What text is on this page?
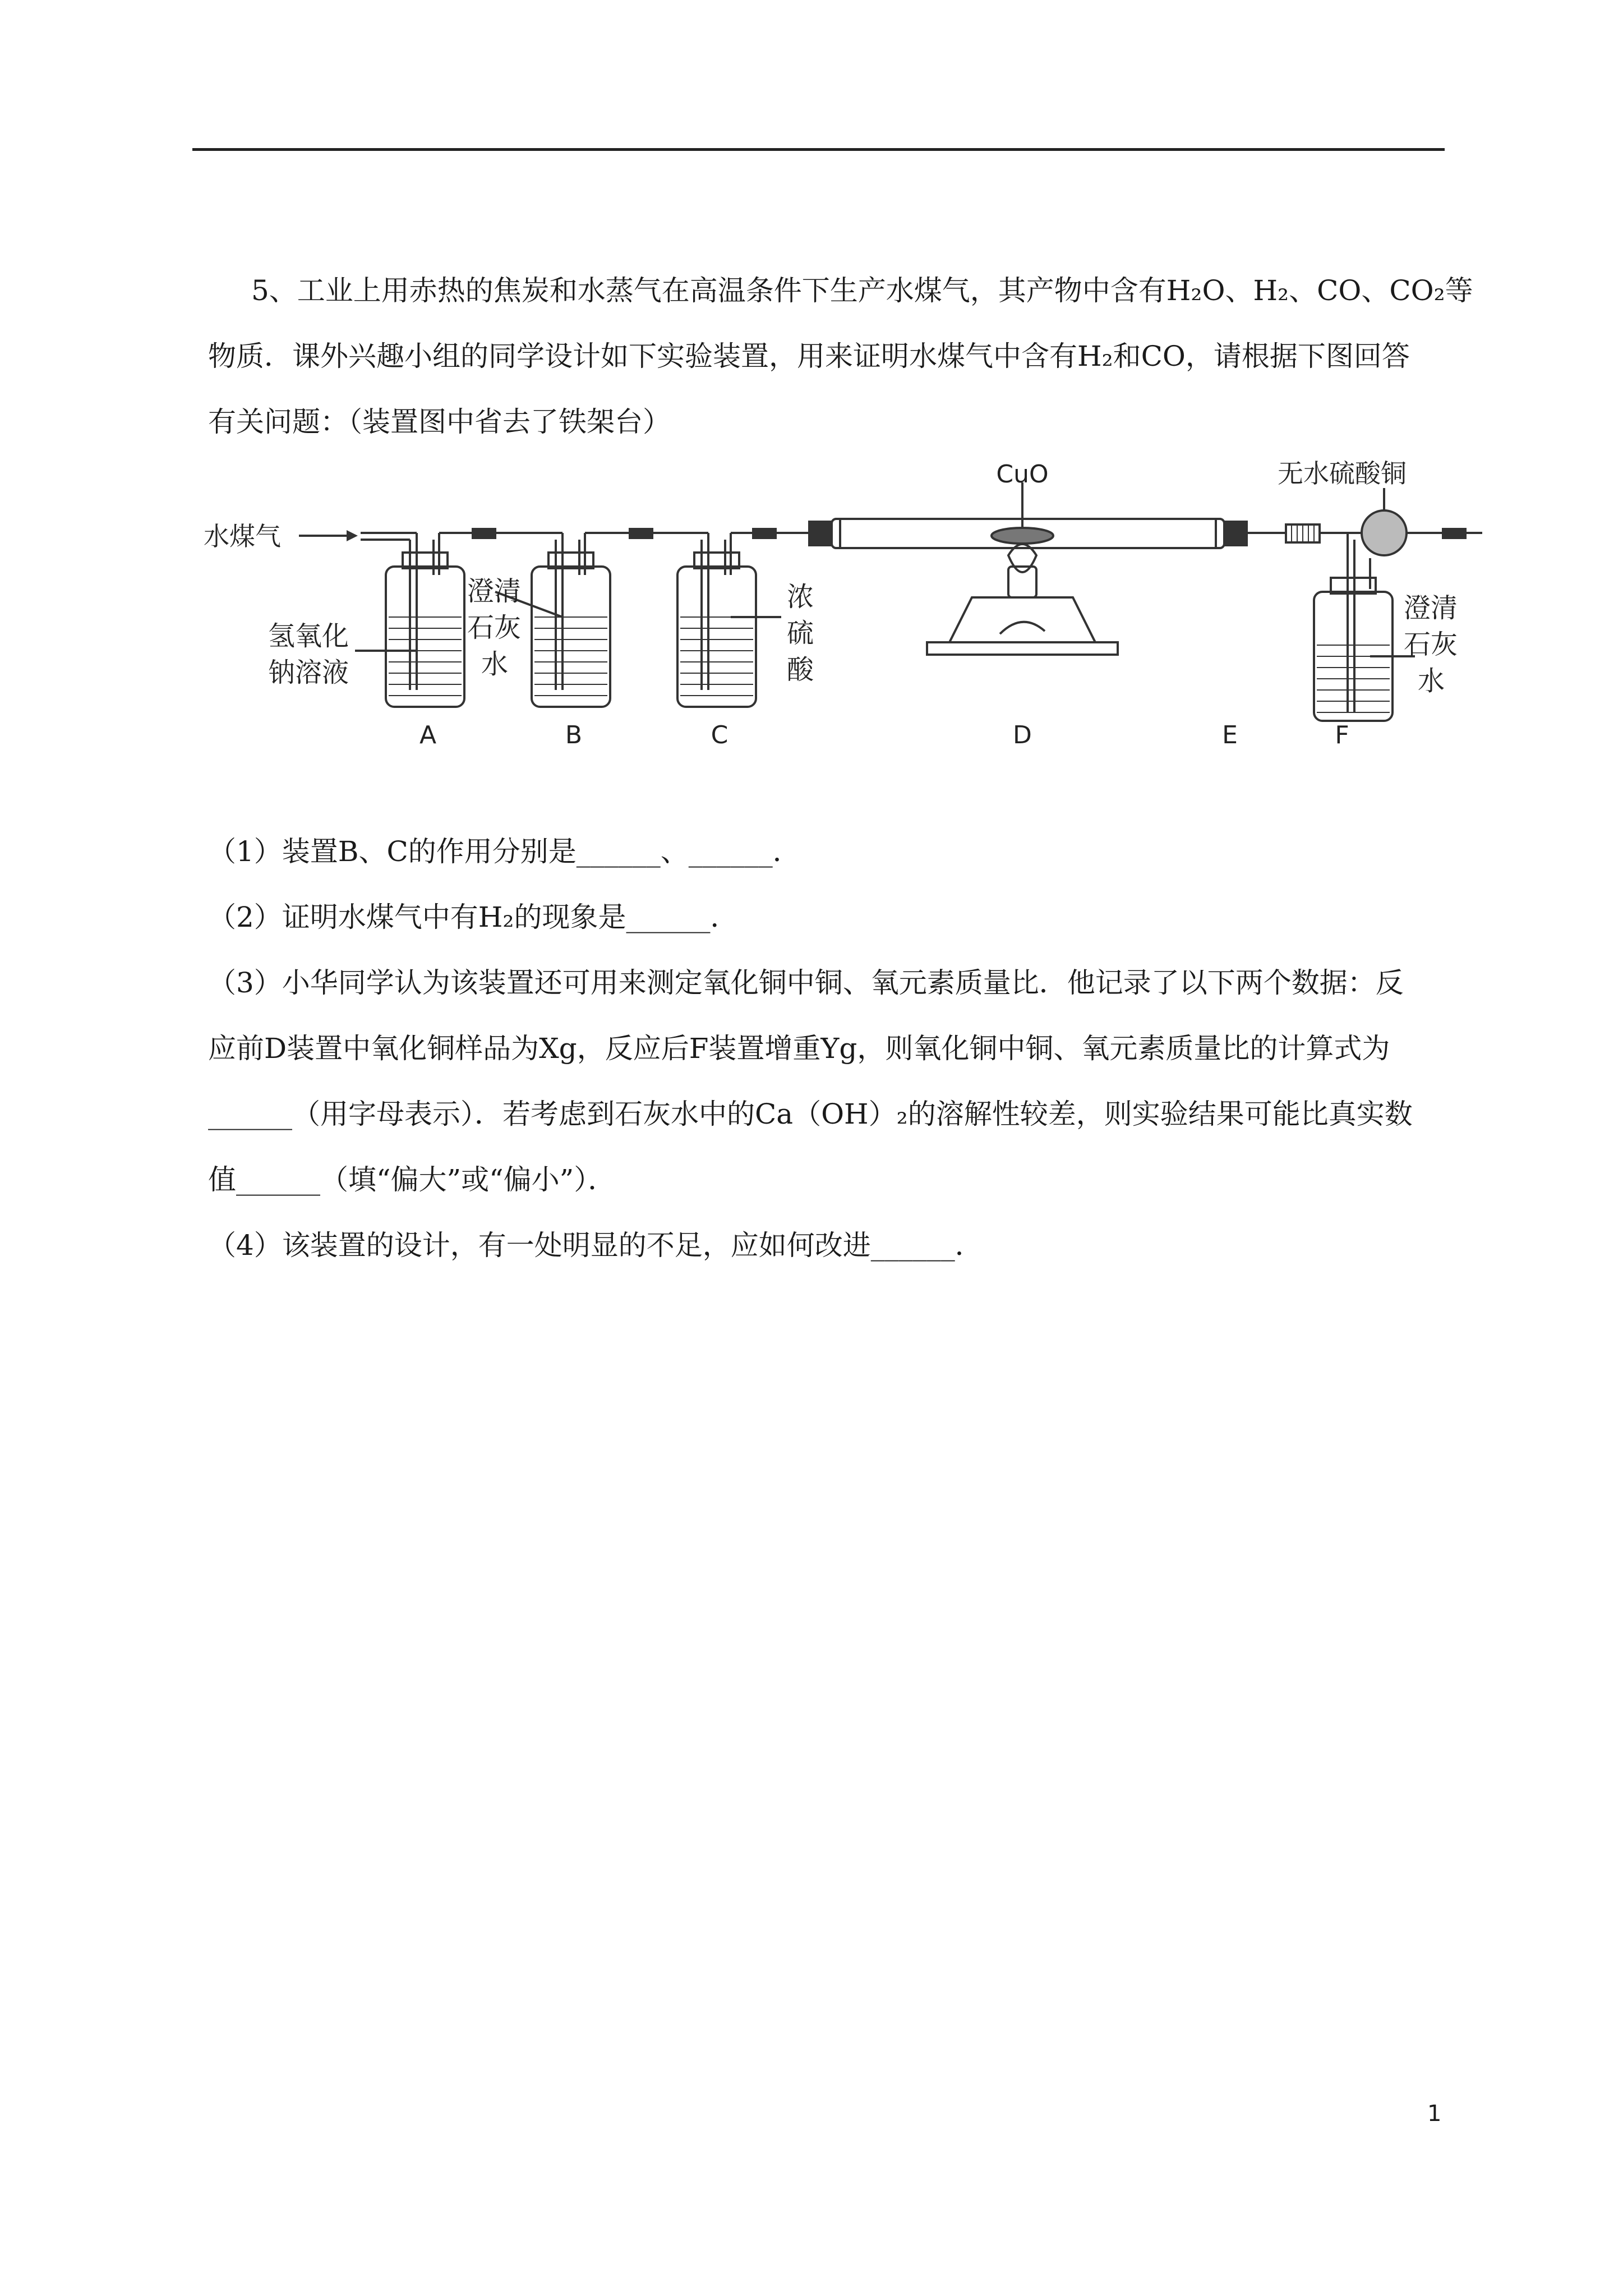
5、工业上用赤热的焦炭和水蒸气在高温条件下生产水煤气，其产物中含有H₂O、H₂、CO、CO₂等
物质．课外兴趣小组的同学设计如下实验装置，用来证明水煤气中含有H₂和CO，请根据下图回答
有关问题：（装置图中省去了铁架台）
水煤气
CuO	无水硫酸铜
氢氧化
钠溶液
澄清
石灰
水
浓
硫
酸
澄清
石灰
水
A	B	C	D	E	F
（1）装置B、C的作用分别是______、______．
（2）证明水煤气中有H₂的现象是______．
（3）小华同学认为该装置还可用来测定氧化铜中铜、氧元素质量比．他记录了以下两个数据：反
应前D装置中氧化铜样品为Xg，反应后F装置增重Yg，则氧化铜中铜、氧元素质量比的计算式为
______（用字母表示）．若考虑到石灰水中的Ca（OH）₂的溶解性较差，则实验结果可能比真实数
值______（填“偏大”或“偏小”）．
（4）该装置的设计，有一处明显的不足，应如何改进______．
1
